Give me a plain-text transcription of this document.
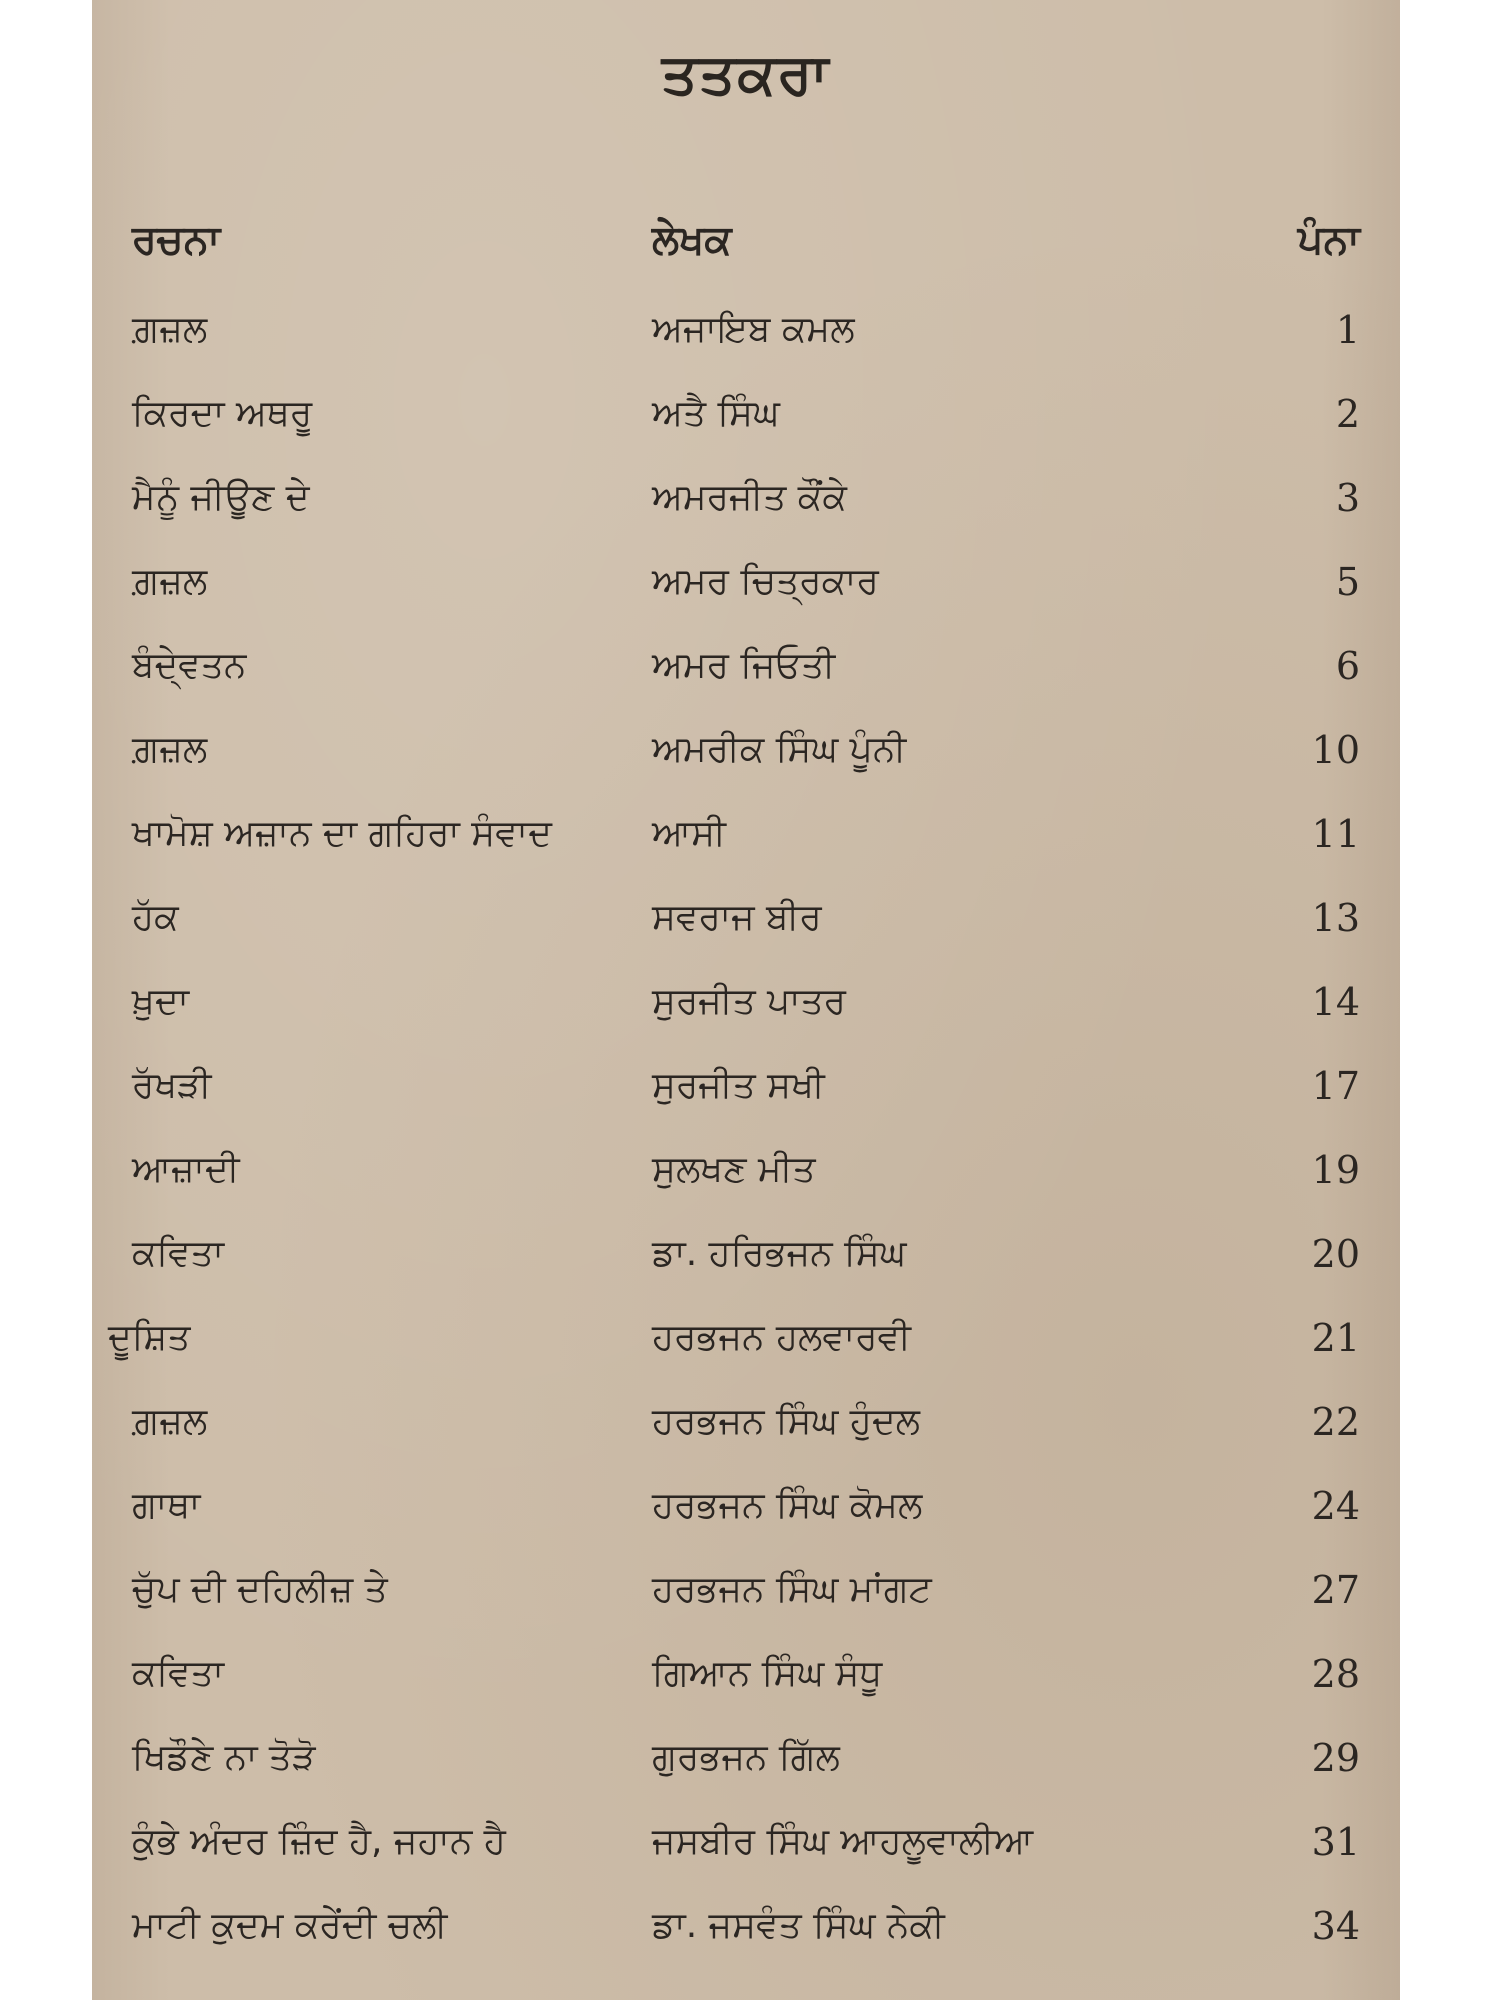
ਤਤਕਰਾ
ਰਚਨਾ	ਲੇਖਕ	ਪੰਨਾ
ਗ਼ਜ਼ਲ	ਅਜਾਇਬ ਕਮਲ	1
ਕਿਰਦਾ ਅਥਰੂ	ਅਤੈ ਸਿੰਘ	2
ਮੈਨੂੰ ਜੀਊਣ ਦੇ	ਅਮਰਜੀਤ ਕੌਂਕੇ	3
ਗ਼ਜ਼ਲ	ਅਮਰ ਚਿਤ੍ਰਕਾਰ	5
ਬੰਦੇ੍ਵਤਨ	ਅਮਰ ਜਿਓਤੀ	6
ਗ਼ਜ਼ਲ	ਅਮਰੀਕ ਸਿੰਘ ਪੂੰਨੀ	10
ਖਾਮੋਸ਼ ਅਜ਼ਾਨ ਦਾ ਗਹਿਰਾ ਸੰਵਾਦ	ਆਸੀ	11
ਹੱਕ	ਸਵਰਾਜ ਬੀਰ	13
ਖ਼ੁਦਾ	ਸੁਰਜੀਤ ਪਾਤਰ	14
ਰੱਖੜੀ	ਸੁਰਜੀਤ ਸਖੀ	17
ਆਜ਼ਾਦੀ	ਸੁਲਖਣ ਮੀਤ	19
ਕਵਿਤਾ	ਡਾ. ਹਰਿਭਜਨ ਸਿੰਘ	20
ਦੂਸ਼ਿਤ	ਹਰਭਜਨ ਹਲਵਾਰਵੀ	21
ਗ਼ਜ਼ਲ	ਹਰਭਜਨ ਸਿੰਘ ਹੁੰਦਲ	22
ਗਾਥਾ	ਹਰਭਜਨ ਸਿੰਘ ਕੋਮਲ	24
ਚੁੱਪ ਦੀ ਦਹਿਲੀਜ਼ ਤੇ	ਹਰਭਜਨ ਸਿੰਘ ਮਾਂਗਟ	27
ਕਵਿਤਾ	ਗਿਆਨ ਸਿੰਘ ਸੰਧੂ	28
ਖਿਡੌਣੇ ਨਾ ਤੋੜੋ	ਗੁਰਭਜਨ ਗਿੱਲ	29
ਕੁੰਭੇ ਅੰਦਰ ਜ਼ਿੰਦ ਹੈ, ਜਹਾਨ ਹੈ	ਜਸਬੀਰ ਸਿੰਘ ਆਹਲੂਵਾਲੀਆ	31
ਮਾਟੀ ਕੁਦਮ ਕਰੇਂਦੀ ਚਲੀ	ਡਾ. ਜਸਵੰਤ ਸਿੰਘ ਨੇਕੀ	34
